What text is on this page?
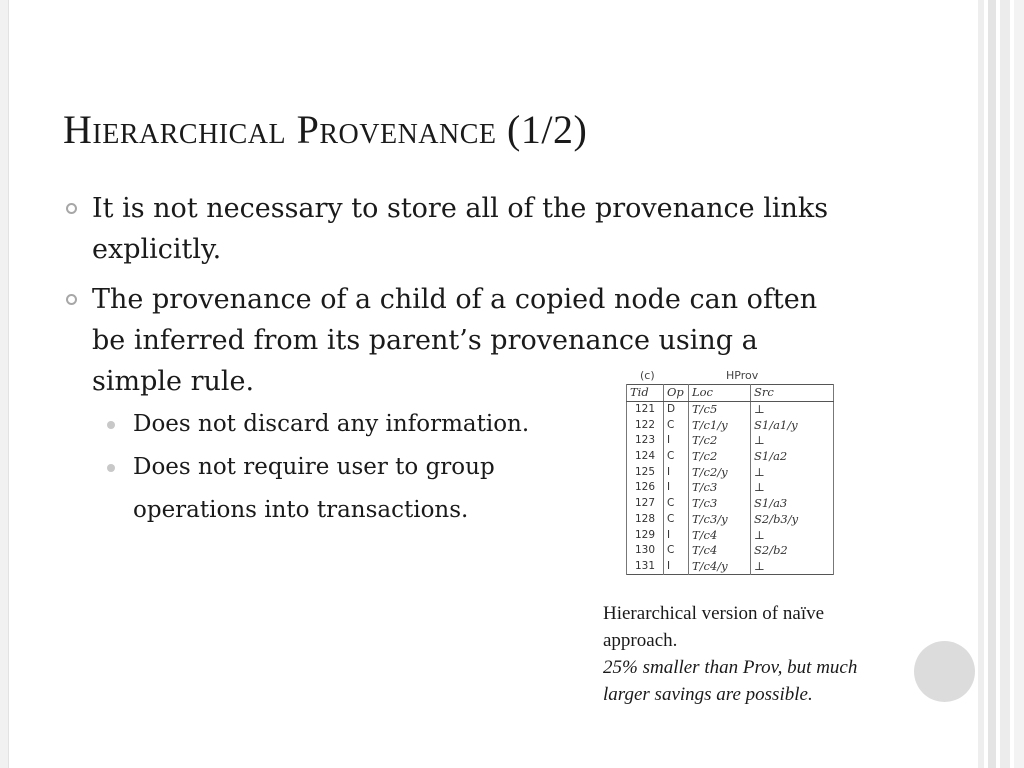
Hierarchical Provenance (1/2)
It is not necessary to store all of the provenance links explicitly.
The provenance of a child of a copied node can often be inferred from its parent’s provenance using a simple rule.
Does not discard any information.
Does not require user to group operations into transactions.
(c)	HProv
Tid	Op	Loc	Src
121	D	T/c5	⊥
122	C	T/c1/y	S1/a1/y
123	I	T/c2	⊥
124	C	T/c2	S1/a2
125	I	T/c2/y	⊥
126	I	T/c3	⊥
127	C	T/c3	S1/a3
128	C	T/c3/y	S2/b3/y
129	I	T/c4	⊥
130	C	T/c4	S2/b2
131	I	T/c4/y	⊥
Hierarchical version of naïve approach.
25% smaller than Prov, but much larger savings are possible.
